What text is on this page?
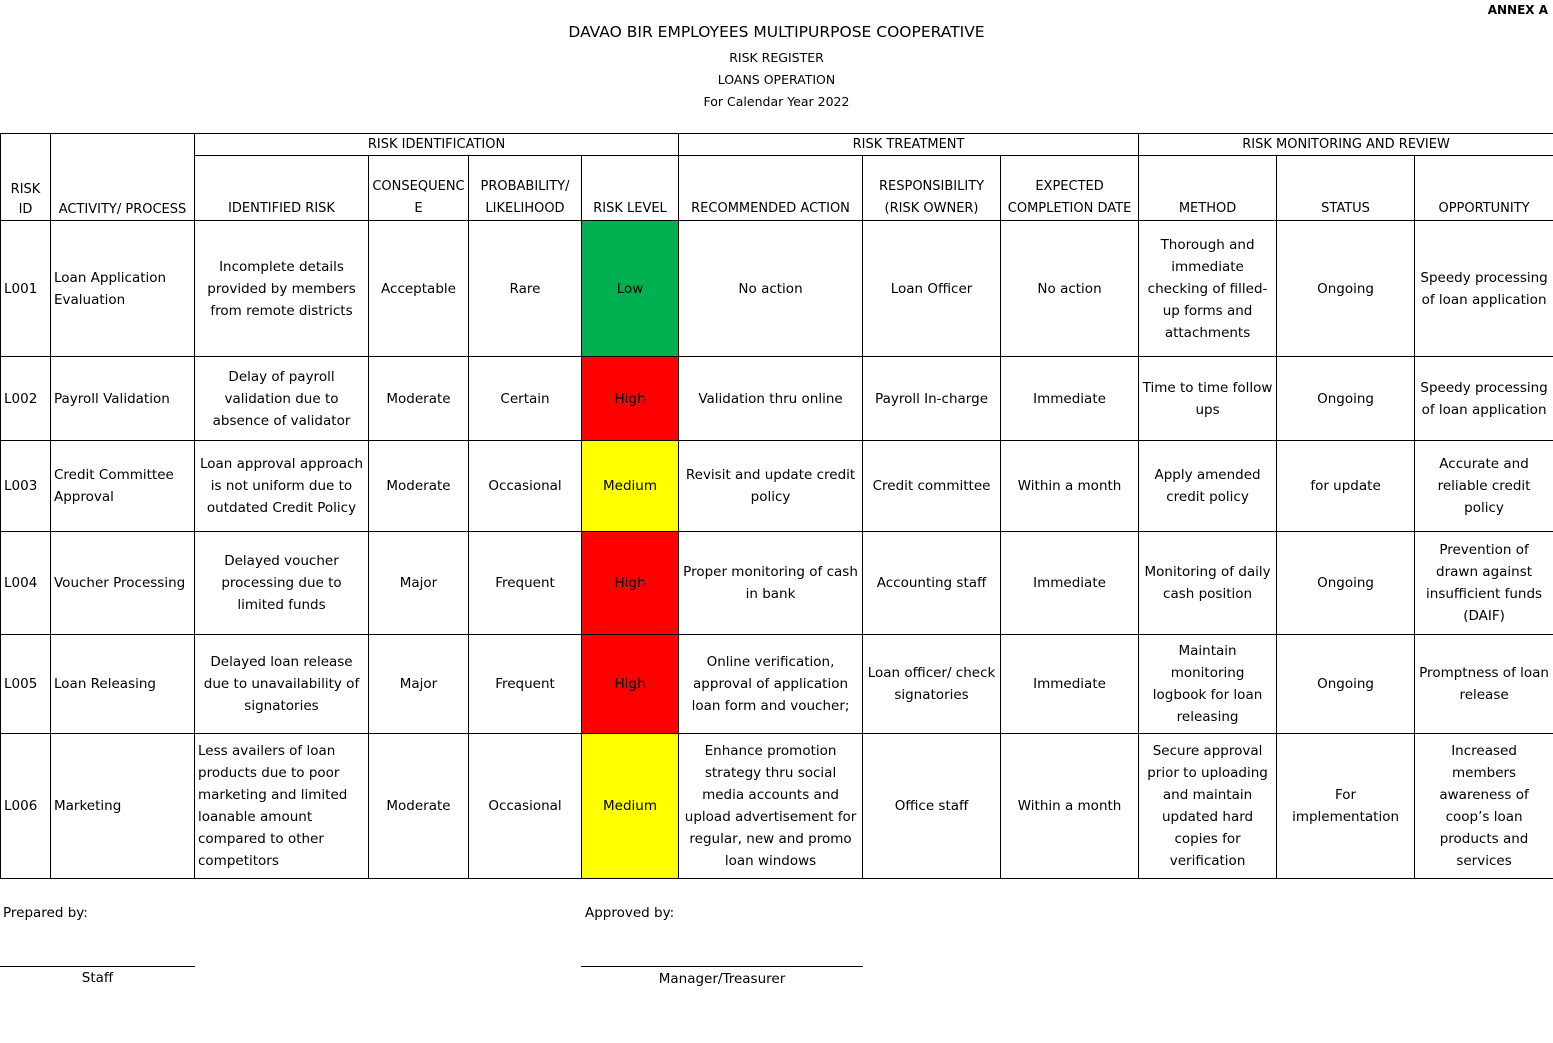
ANNEX A
DAVAO BIR EMPLOYEES MULTIPURPOSE COOPERATIVE
RISK REGISTER
LOANS OPERATION
For Calendar Year 2022
RISK ID	ACTIVITY/ PROCESS	RISK IDENTIFICATION				RISK TREATMENT			RISK MONITORING AND REVIEW		
		IDENTIFIED RISK	CONSEQUENCE	PROBABILITY/ LIKELIHOOD	RISK LEVEL	RECOMMENDED ACTION	RESPONSIBILITY (RISK OWNER)	EXPECTED COMPLETION DATE	METHOD	STATUS	OPPORTUNITY
L001	Loan Application Evaluation	Incomplete details provided by members from remote districts	Acceptable	Rare	Low	No action	Loan Officer	No action	Thorough and immediate checking of filled-up forms and attachments	Ongoing	Speedy processing of loan application
L002	Payroll Validation	Delay of payroll validation due to absence of validator	Moderate	Certain	High	Validation thru online	Payroll In-charge	Immediate	Time to time follow ups	Ongoing	Speedy processing of loan application
L003	Credit Committee Approval	Loan approval approach is not uniform due to outdated Credit Policy	Moderate	Occasional	Medium	Revisit and update credit policy	Credit committee	Within a month	Apply amended credit policy	for update	Accurate and reliable credit policy
L004	Voucher Processing	Delayed voucher processing due to limited funds	Major	Frequent	High	Proper monitoring of cash in bank	Accounting staff	Immediate	Monitoring of daily cash position	Ongoing	Prevention of drawn against insufficient funds (DAIF)
L005	Loan Releasing	Delayed loan release due to unavailability of signatories	Major	Frequent	High	Online verification, approval of application loan form and voucher;	Loan officer/ check signatories	Immediate	Maintain monitoring logbook for loan releasing	Ongoing	Promptness of loan release
L006	Marketing	Less availers of loan products due to poor marketing and limited loanable amount compared to other competitors	Moderate	Occasional	Medium	Enhance promotion strategy thru social media accounts and upload advertisement for regular, new and promo loan windows	Office staff	Within a month	Secure approval prior to uploading and maintain updated hard copies for verification	For implementation	Increased members awareness of coop’s loan products and services
Prepared by:
Staff
Approved by:
Manager/Treasurer
